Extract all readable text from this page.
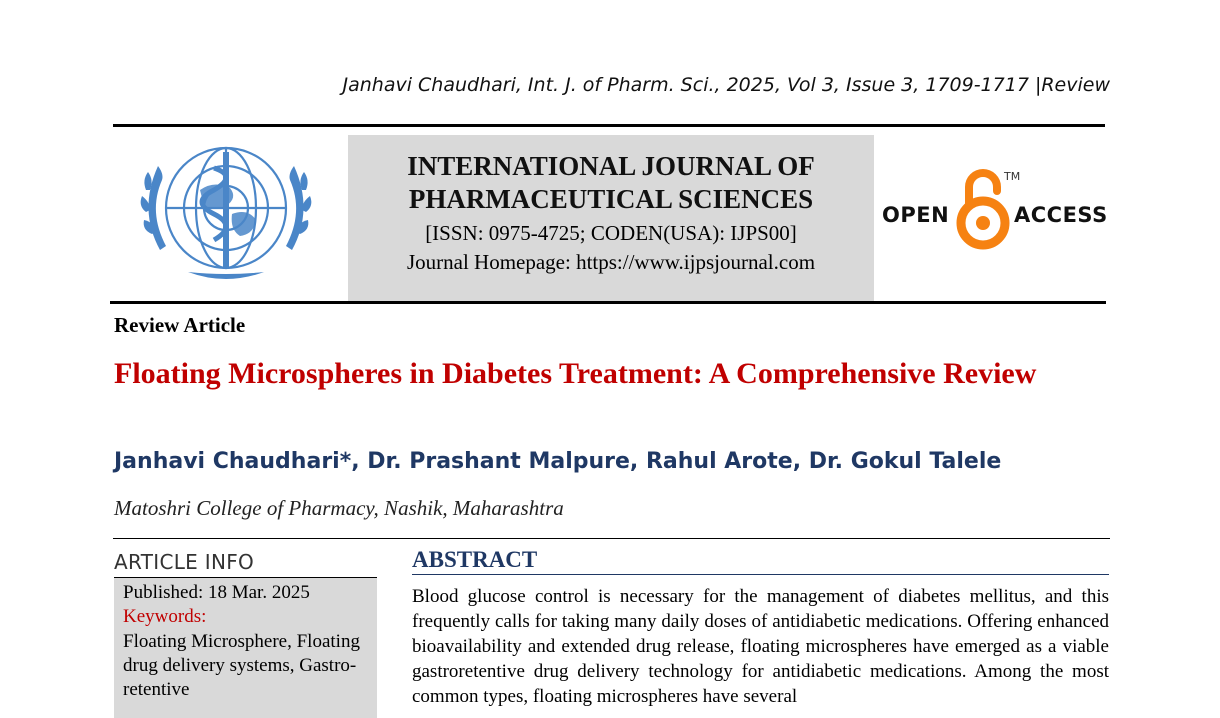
Janhavi Chaudhari, Int. J. of Pharm. Sci., 2025, Vol 3, Issue 3, 1709-1717 |Review
INTERNATIONAL JOURNAL OF
PHARMACEUTICAL SCIENCES
[ISSN: 0975-4725; CODEN(USA): IJPS00]
Journal Homepage: https://www.ijpsjournal.com
OPEN
TM
ACCESS
Review Article
Floating Microspheres in Diabetes Treatment: A Comprehensive Review
Janhavi Chaudhari*, Dr. Prashant Malpure, Rahul Arote, Dr. Gokul Talele
Matoshri College of Pharmacy, Nashik, Maharashtra
ARTICLE INFO
Published: 18 Mar. 2025
Keywords:
Floating Microsphere, Floating drug delivery systems, Gastro-retentive
ABSTRACT
Blood glucose control is necessary for the management of diabetes mellitus, and this frequently calls for taking many daily doses of antidiabetic medications. Offering enhanced bioavailability and extended drug release, floating microspheres have emerged as a viable gastroretentive drug delivery technology for antidiabetic medications. Among the most common types, floating microspheres have several
